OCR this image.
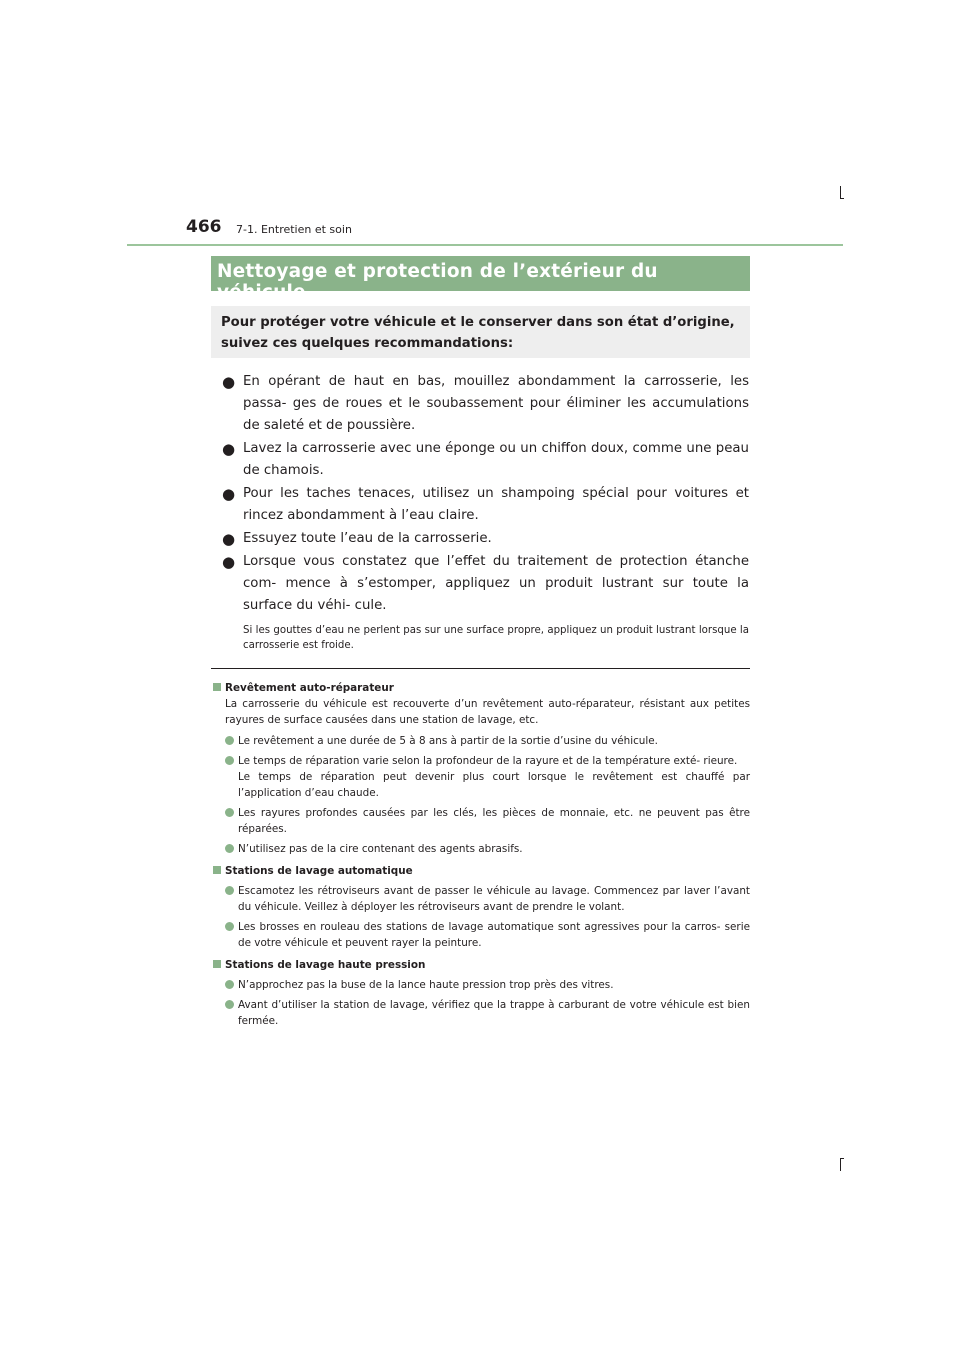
466 7-1. Entretien et soin
Nettoyage et protection de l’extérieur du véhicule
Pour protéger votre véhicule et le conserver dans son état d’origine, suivez ces quelques recommandations:
● En opérant de haut en bas, mouillez abondamment la carrosserie, les passa- ges de roues et le soubassement pour éliminer les accumulations de saleté et de poussière.
● Lavez la carrosserie avec une éponge ou un chiffon doux, comme une peau de chamois.
● Pour les taches tenaces, utilisez un shampoing spécial pour voitures et rincez abondamment à l’eau claire.
● Essuyez toute l’eau de la carrosserie.
● Lorsque vous constatez que l’effet du traitement de protection étanche com- mence à s’estomper, appliquez un produit lustrant sur toute la surface du véhi- cule.
Si les gouttes d’eau ne perlent pas sur une surface propre, appliquez un produit lustrant lorsque la carrosserie est froide.
Revêtement auto-réparateur
La carrosserie du véhicule est recouverte d’un revêtement auto-réparateur, résistant aux petites rayures de surface causées dans une station de lavage, etc.
Le revêtement a une durée de 5 à 8 ans à partir de la sortie d’usine du véhicule.
Le temps de réparation varie selon la profondeur de la rayure et de la température exté- rieure.
Le temps de réparation peut devenir plus court lorsque le revêtement est chauffé par l’application d’eau chaude.
Les rayures profondes causées par les clés, les pièces de monnaie, etc. ne peuvent pas être réparées.
N’utilisez pas de la cire contenant des agents abrasifs.
Stations de lavage automatique
Escamotez les rétroviseurs avant de passer le véhicule au lavage. Commencez par laver l’avant du véhicule. Veillez à déployer les rétroviseurs avant de prendre le volant.
Les brosses en rouleau des stations de lavage automatique sont agressives pour la carros- serie de votre véhicule et peuvent rayer la peinture.
Stations de lavage haute pression
N’approchez pas la buse de la lance haute pression trop près des vitres.
Avant d’utiliser la station de lavage, vérifiez que la trappe à carburant de votre véhicule est bien fermée.
